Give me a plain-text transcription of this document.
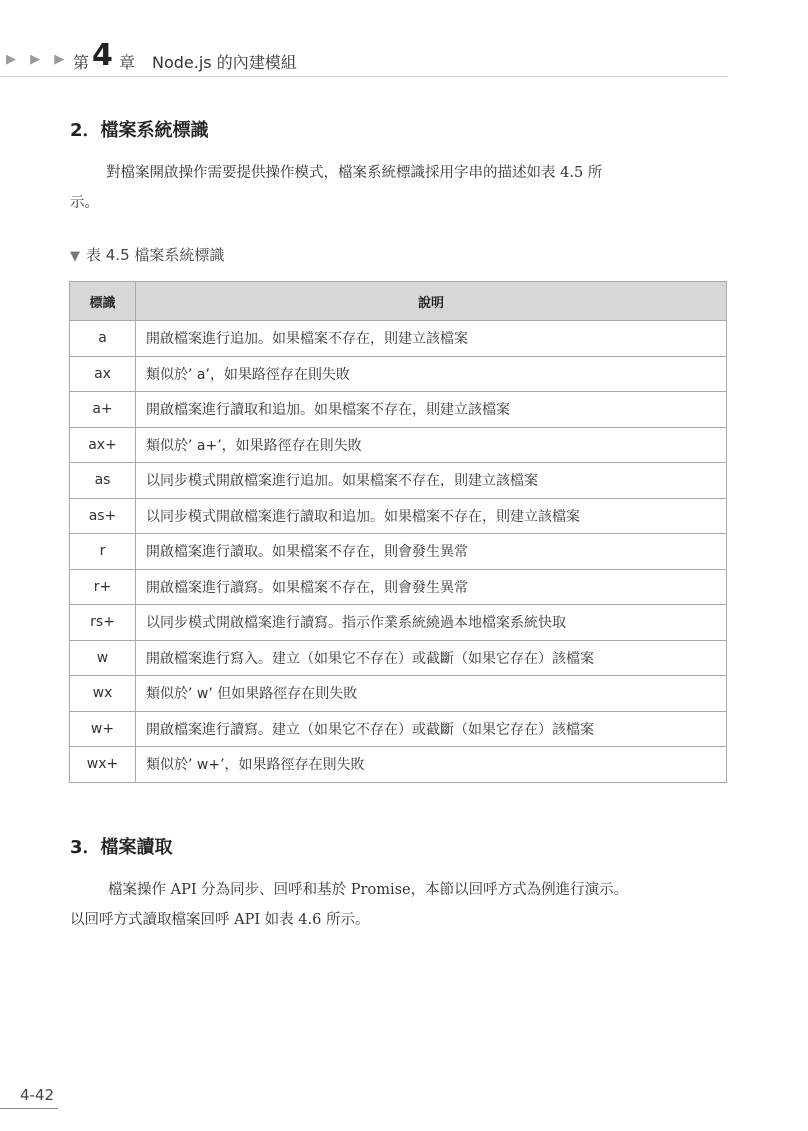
▶ ▶ ▶ 第 4 章 Node.js 的內建模組
2．檔案系統標識
對檔案開啟操作需要提供操作模式，檔案系統標識採用字串的描述如表 4.5 所
示。
▼ 表 4.5 檔案系統標識
標識	說明
a	開啟檔案進行追加。如果檔案不存在，則建立該檔案
ax	類似於’ a’，如果路徑存在則失敗
a+	開啟檔案進行讀取和追加。如果檔案不存在，則建立該檔案
ax+	類似於’ a+’，如果路徑存在則失敗
as	以同步模式開啟檔案進行追加。如果檔案不存在，則建立該檔案
as+	以同步模式開啟檔案進行讀取和追加。如果檔案不存在，則建立該檔案
r	開啟檔案進行讀取。如果檔案不存在，則會發生異常
r+	開啟檔案進行讀寫。如果檔案不存在，則會發生異常
rs+	以同步模式開啟檔案進行讀寫。指示作業系統繞過本地檔案系統快取
w	開啟檔案進行寫入。建立（如果它不存在）或截斷（如果它存在）該檔案
wx	類似於’ w’ 但如果路徑存在則失敗
w+	開啟檔案進行讀寫。建立（如果它不存在）或截斷（如果它存在）該檔案
wx+	類似於’ w+’，如果路徑存在則失敗
3．檔案讀取
檔案操作 API 分為同步、回呼和基於 Promise，本節以回呼方式為例進行演示。
以回呼方式讀取檔案回呼 API 如表 4.6 所示。
4-42
